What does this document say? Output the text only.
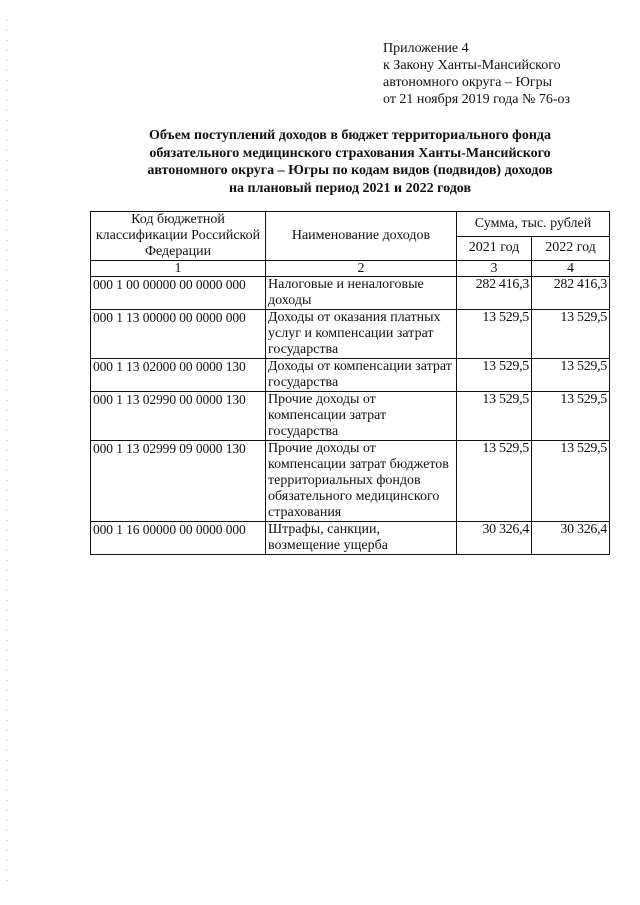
Приложение 4
к Закону Ханты-Мансийского
автономного округа – Югры
от 21 ноября 2019 года № 76-оз
Объем поступлений доходов в бюджет территориального фонда
обязательного медицинского страхования Ханты-Мансийского
автономного округа – Югры по кодам видов (подвидов) доходов
на плановый период 2021 и 2022 годов
Код бюджетной классификации Российской Федерации	Наименование доходов	Сумма, тыс. рублей	
		2021 год	2022 год
1	2	3	4
000 1 00 00000 00 0000 000	Налоговые и неналоговые доходы	282 416,3	282 416,3
000 1 13 00000 00 0000 000	Доходы от оказания платных услуг и компенсации затрат государства	13 529,5	13 529,5
000 1 13 02000 00 0000 130	Доходы от компенсации затрат государства	13 529,5	13 529,5
000 1 13 02990 00 0000 130	Прочие доходы от компенсации затрат государства	13 529,5	13 529,5
000 1 13 02999 09 0000 130	Прочие доходы от компенсации затрат бюджетов территориальных фондов обязательного медицинского страхования	13 529,5	13 529,5
000 1 16 00000 00 0000 000	Штрафы, санкции, возмещение ущерба	30 326,4	30 326,4
